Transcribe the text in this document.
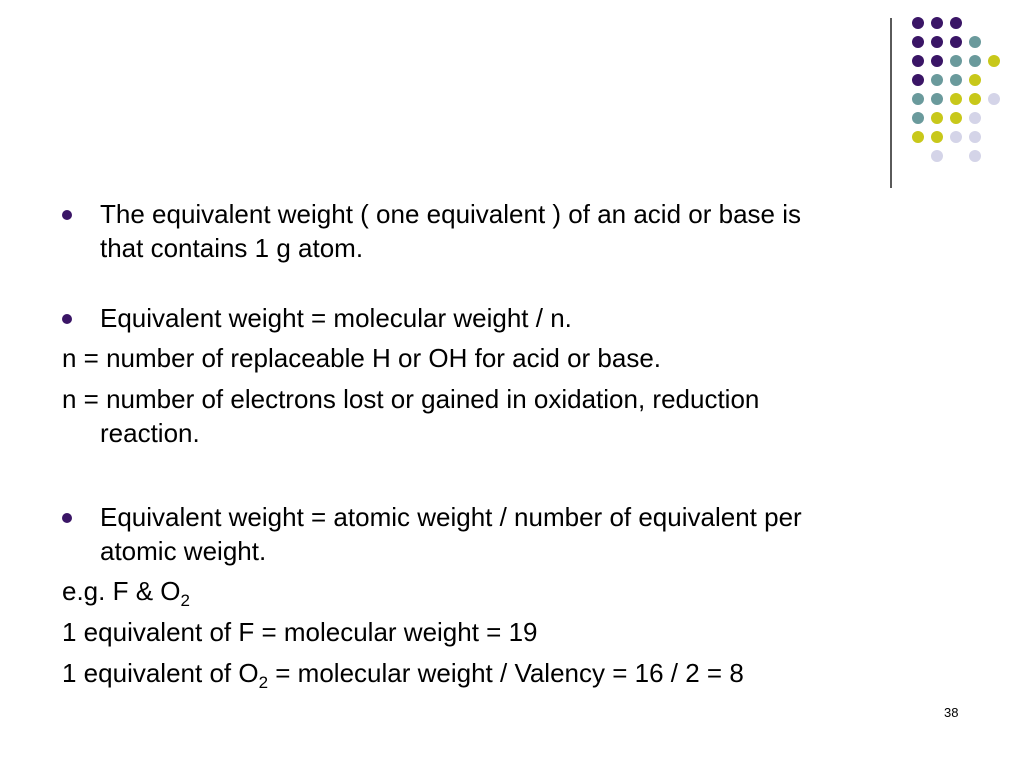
The equivalent weight ( one equivalent ) of an acid or base is
that contains 1 g atom.
Equivalent weight = molecular weight / n.
n = number of replaceable H or OH for acid or base.
n = number of electrons lost or gained in oxidation, reduction
reaction.
Equivalent weight = atomic weight / number of equivalent per
atomic weight.
e.g. F & $O_2$
1 equivalent of F = molecular weight = 19
1 equivalent of $O_2$ = molecular weight / Valency = 16 / 2 = 8
38
